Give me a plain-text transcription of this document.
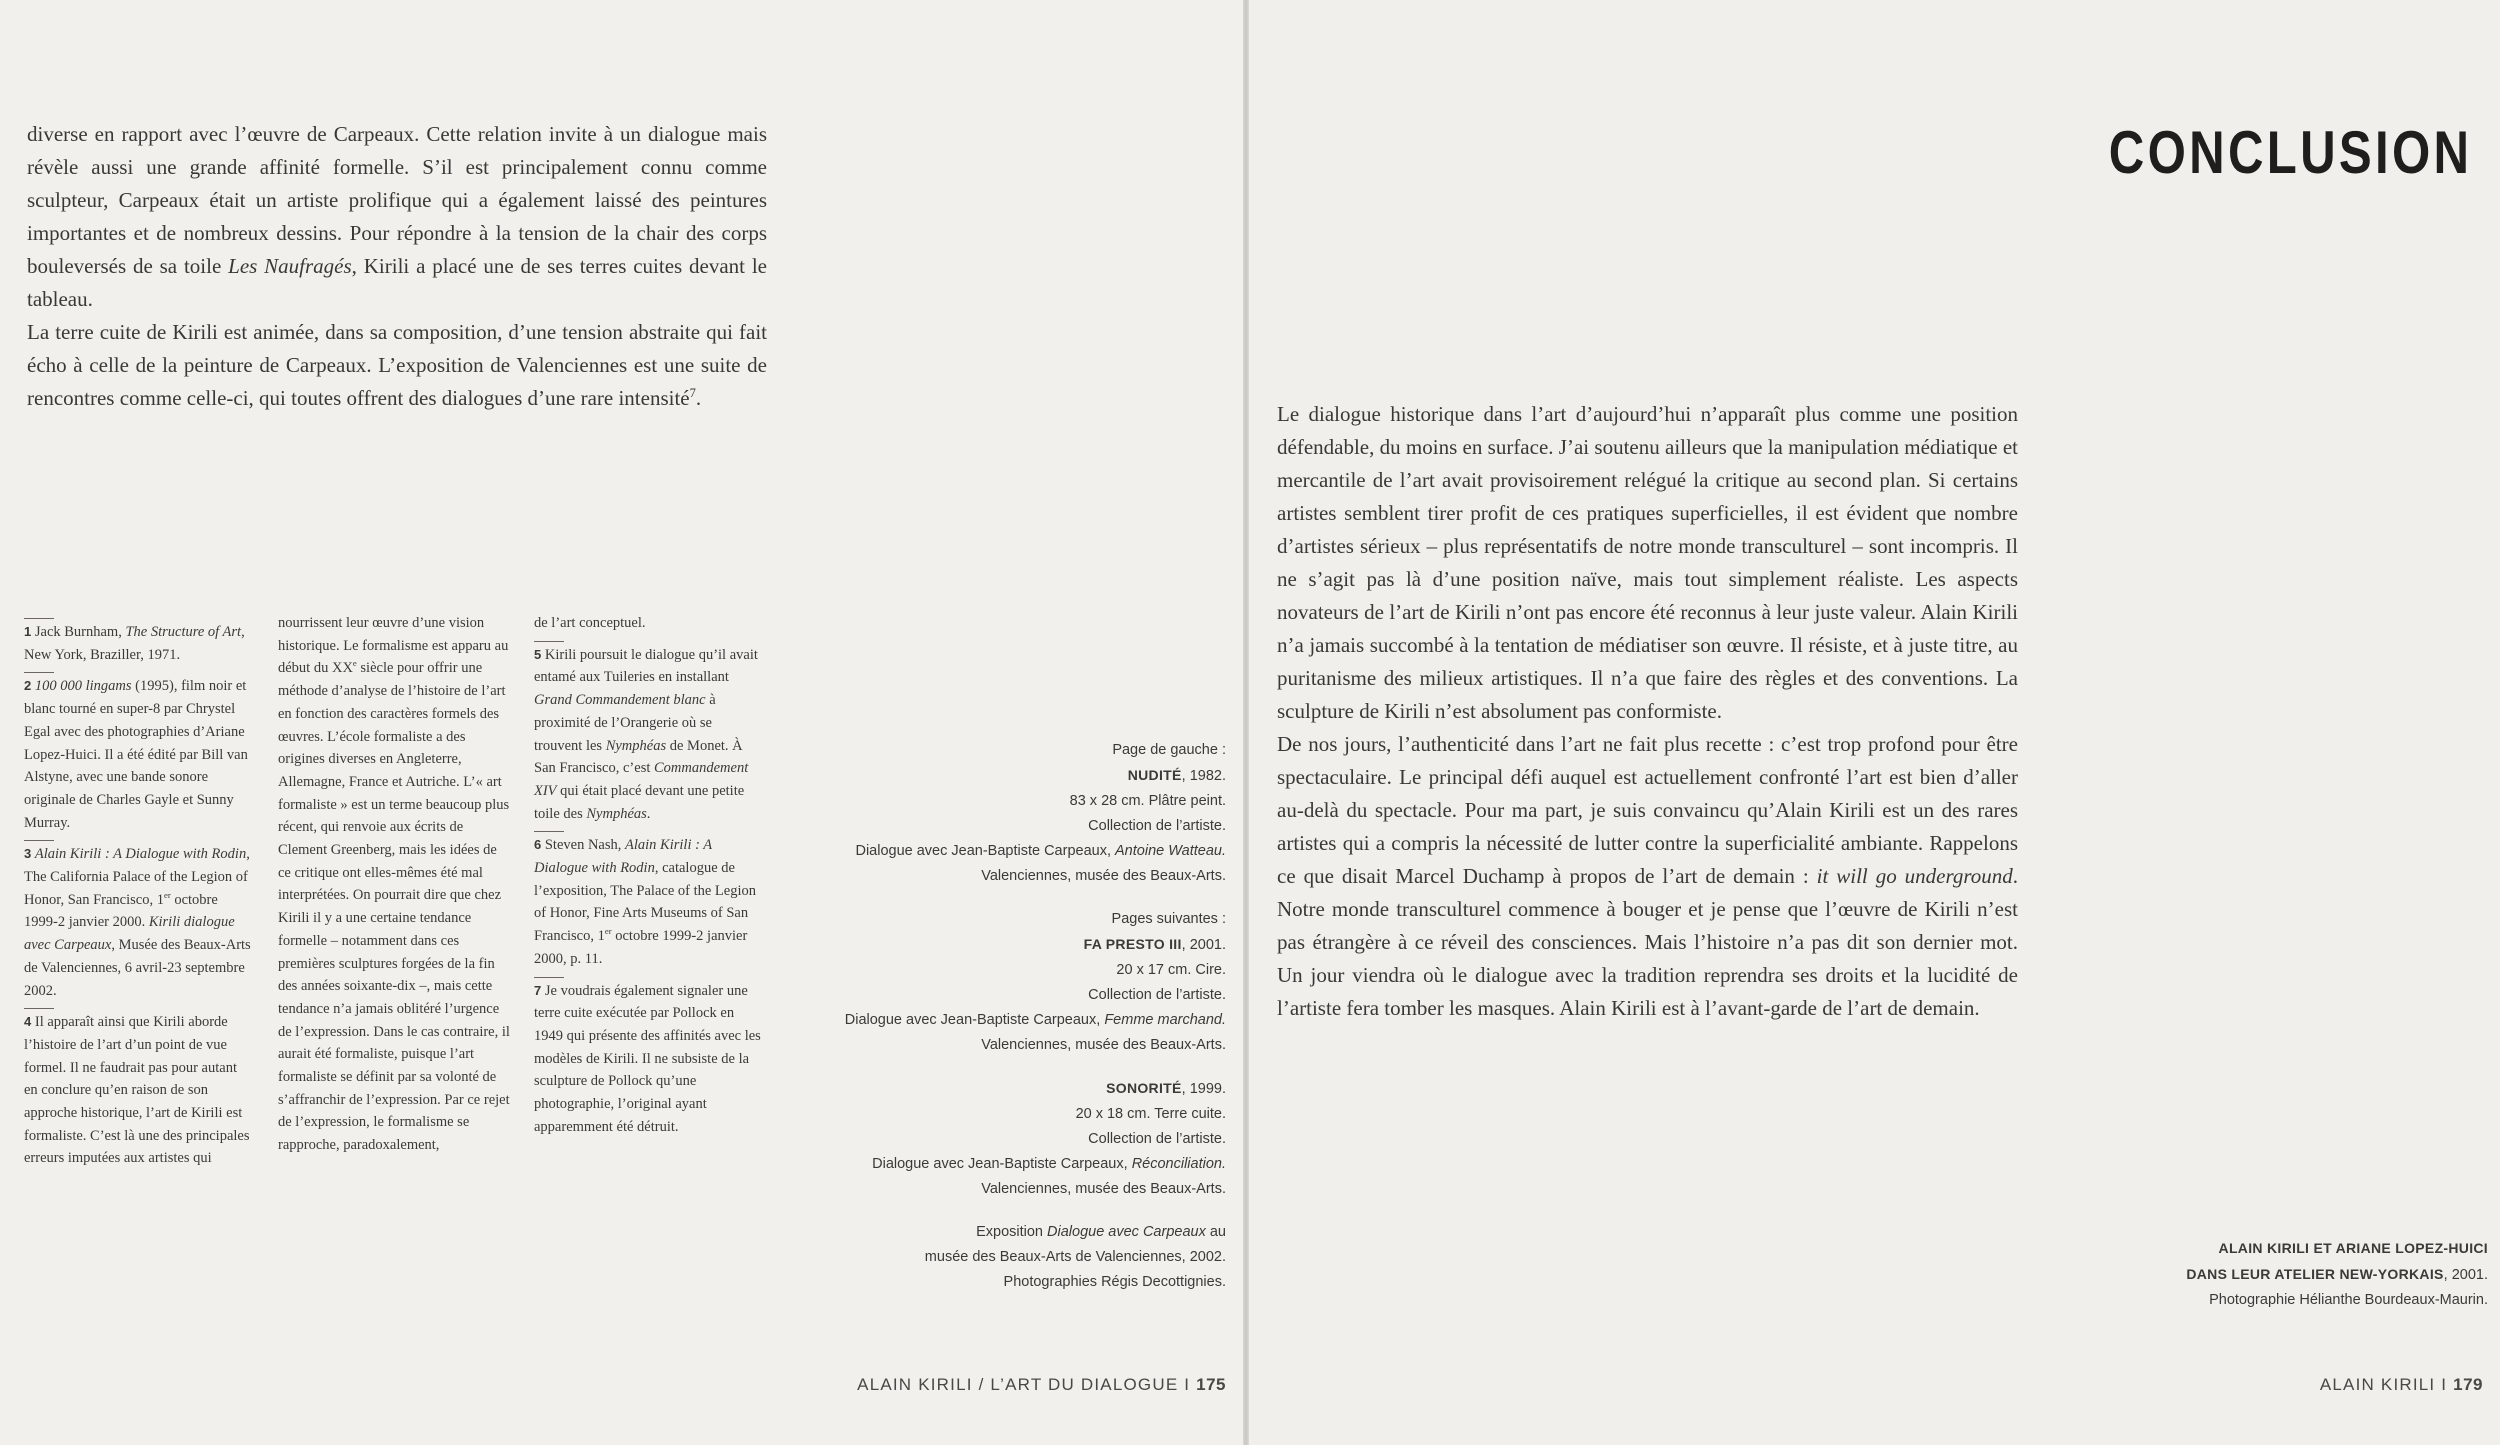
diverse en rapport avec l’œuvre de Carpeaux. Cette relation invite à un dialogue mais révèle aussi une grande affinité formelle. S’il est principalement connu comme sculpteur, Carpeaux était un artiste prolifique qui a également laissé des peintures importantes et de nombreux dessins. Pour répondre à la tension de la chair des corps bouleversés de sa toile Les Naufragés, Kirili a placé une de ses terres cuites devant le tableau.

La terre cuite de Kirili est animée, dans sa composition, d’une tension abstraite qui fait écho à celle de la peinture de Carpeaux. L’exposition de Valenciennes est une suite de rencontres comme celle-ci, qui toutes offrent des dialogues d’une rare intensité$^7$.

1 Jack Burnham, The Structure of Art, New York, Braziller, 1971.

2 100 000 lingams (1995), film noir et blanc tourné en super-8 par Chrystel Egal avec des photographies d’Ariane Lopez-Huici. Il a été édité par Bill van Alstyne, avec une bande sonore originale de Charles Gayle et Sunny Murray.

3 Alain Kirili : A Dialogue with Rodin, The California Palace of the Legion of Honor, San Francisco, 1er octobre 1999-2 janvier 2000. Kirili dialogue avec Carpeaux, Musée des Beaux-Arts de Valenciennes, 6 avril-23 septembre 2002.

4 Il apparaît ainsi que Kirili aborde l’histoire de l’art d’un point de vue formel. Il ne faudrait pas pour autant en conclure qu’en raison de son approche historique, l’art de Kirili est formaliste. C’est là une des principales erreurs imputées aux artistes qui

nourrissent leur œuvre d’une vision historique. Le formalisme est apparu au début du XXe siècle pour offrir une méthode d’analyse de l’histoire de l’art en fonction des caractères formels des œuvres. L’école formaliste a des origines diverses en Angleterre, Allemagne, France et Autriche. L’« art formaliste » est un terme beaucoup plus récent, qui renvoie aux écrits de Clement Greenberg, mais les idées de ce critique ont elles-mêmes été mal interprétées. On pourrait dire que chez Kirili il y a une certaine tendance formelle – notamment dans ces premières sculptures forgées de la fin des années soixante-dix –, mais cette tendance n’a jamais oblitéré l’urgence de l’expression. Dans le cas contraire, il aurait été formaliste, puisque l’art formaliste se définit par sa volonté de s’affranchir de l’expression. Par ce rejet de l’expression, le formalisme se rapproche, paradoxalement,

de l’art conceptuel.

5 Kirili poursuit le dialogue qu’il avait entamé aux Tuileries en installant Grand Commandement blanc à proximité de l’Orangerie où se trouvent les Nymphéas de Monet. À San Francisco, c’est Commandement XIV qui était placé devant une petite toile des Nymphéas.

6 Steven Nash, Alain Kirili : A Dialogue with Rodin, catalogue de l’exposition, The Palace of the Legion of Honor, Fine Arts Museums of San Francisco, 1er octobre 1999-2 janvier 2000, p. 11.

7 Je voudrais également signaler une terre cuite exécutée par Pollock en 1949 qui présente des affinités avec les modèles de Kirili. Il ne subsiste de la sculpture de Pollock qu’une photographie, l’original ayant apparemment été détruit.

Page de gauche :
NUDITÉ, 1982.
83 x 28 cm. Plâtre peint.
Collection de l’artiste.
Dialogue avec Jean-Baptiste Carpeaux, Antoine Watteau.
Valenciennes, musée des Beaux-Arts.
Pages suivantes :
FA PRESTO III, 2001.
20 x 17 cm. Cire.
Collection de l’artiste.
Dialogue avec Jean-Baptiste Carpeaux, Femme marchand.
Valenciennes, musée des Beaux-Arts.
SONORITÉ, 1999.
20 x 18 cm. Terre cuite.
Collection de l’artiste.
Dialogue avec Jean-Baptiste Carpeaux, Réconciliation.
Valenciennes, musée des Beaux-Arts.
Exposition Dialogue avec Carpeaux au
musée des Beaux-Arts de Valenciennes, 2002.
Photographies Régis Decottignies.
ALAIN KIRILI / L’ART DU DIALOGUE I 175
CONCLUSION

Le dialogue historique dans l’art d’aujourd’hui n’apparaît plus comme une position défendable, du moins en surface. J’ai soutenu ailleurs que la manipulation médiatique et mercantile de l’art avait provisoirement relégué la critique au second plan. Si certains artistes semblent tirer profit de ces pratiques superficielles, il est évident que nombre d’artistes sérieux – plus représentatifs de notre monde transculturel – sont incompris. Il ne s’agit pas là d’une position naïve, mais tout simplement réaliste. Les aspects novateurs de l’art de Kirili n’ont pas encore été reconnus à leur juste valeur. Alain Kirili n’a jamais succombé à la tentation de médiatiser son œuvre. Il résiste, et à juste titre, au puritanisme des milieux artistiques. Il n’a que faire des règles et des conventions. La sculpture de Kirili n’est absolument pas conformiste.

De nos jours, l’authenticité dans l’art ne fait plus recette : c’est trop profond pour être spectaculaire. Le principal défi auquel est actuellement confronté l’art est bien d’aller au-delà du spectacle. Pour ma part, je suis convaincu qu’Alain Kirili est un des rares artistes qui a compris la nécessité de lutter contre la superficialité ambiante. Rappelons ce que disait Marcel Duchamp à propos de l’art de demain : it will go underground. Notre monde transculturel commence à bouger et je pense que l’œuvre de Kirili n’est pas étrangère à ce réveil des consciences. Mais l’histoire n’a pas dit son dernier mot. Un jour viendra où le dialogue avec la tradition reprendra ses droits et la lucidité de l’artiste fera tomber les masques. Alain Kirili est à l’avant-garde de l’art de demain.

ALAIN KIRILI ET ARIANE LOPEZ-HUICI
DANS LEUR ATELIER NEW-YORKAIS, 2001.
Photographie Hélianthe Bourdeaux-Maurin.
ALAIN KIRILI I 179
